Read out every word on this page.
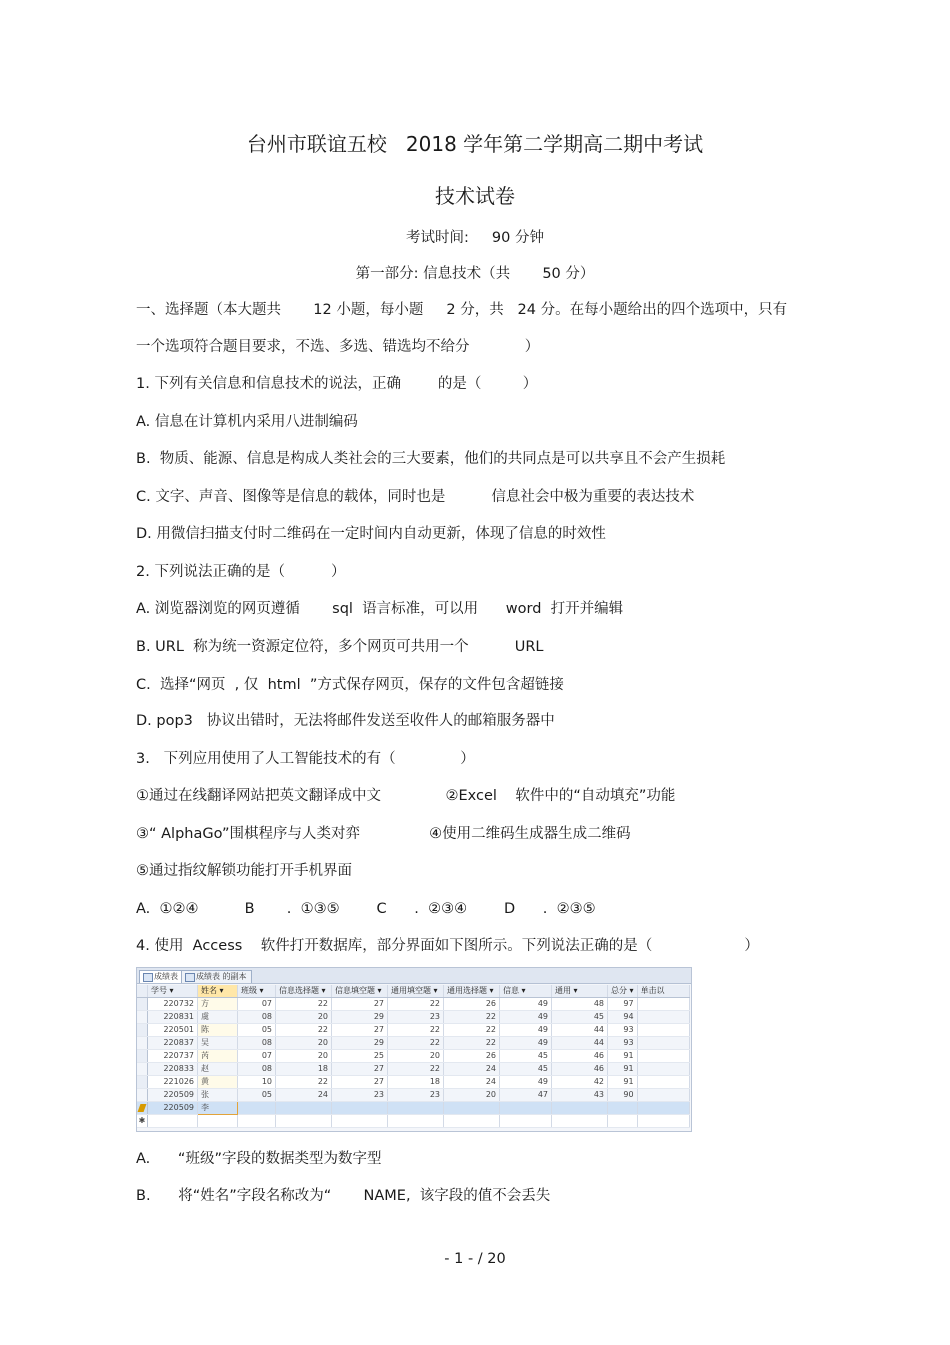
台州市联谊五校   2018 学年第二学期高二期中考试
技术试卷
考试时间:     90 分钟
第一部分: 信息技术（共       50 分）
一、选择题（本大题共       12 小题，每小题     2 分，共   24 分。在每小题给出的四个选项中，只有
一个选项符合题目要求，不选、多选、错选均不给分            ）
1. 下列有关信息和信息技术的说法，正确        的是（         ）
A. 信息在计算机内采用八进制编码
B.  物质、能源、信息是构成人类社会的三大要素，他们的共同点是可以共享且不会产生损耗
C. 文字、声音、图像等是信息的载体，同时也是          信息社会中极为重要的表达技术
D. 用微信扫描支付时二维码在一定时间内自动更新，体现了信息的时效性
2. 下列说法正确的是（          ）
A. 浏览器浏览的网页遵循       sql  语言标准，可以用      word  打开并编辑
B. URL  称为统一资源定位符，多个网页可共用一个          URL
C.  选择“网页  , 仅  html  ”方式保存网页，保存的文件包含超链接
D. pop3   协议出错时，无法将邮件发送至收件人的邮箱服务器中
3.   下列应用使用了人工智能技术的有（              ）
①通过在线翻译网站把英文翻译成中文              ②Excel    软件中的“自动填充”功能
③“ AlphaGo”围棋程序与人类对弈               ④使用二维码生成器生成二维码
⑤通过指纹解锁功能打开手机界面
A.  ①②④          B       .  ①③⑤        C      .  ②③④        D      .  ②③⑤
4. 使用  Access    软件打开数据库，部分界面如下图所示。下列说法正确的是（                    ）
成绩表	成绩表 的副本
	学号 ▾	姓名 ▾	班级 ▾	信息选择题 ▾	信息填空题 ▾	通用填空题 ▾	通用选择题 ▾	信息 ▾	通用 ▾	总分 ▾	单击以
	220732	方	07	22	27	22	26	49	48	97	
	220831	虞	08	20	29	23	22	49	45	94	
	220501	陈	05	22	27	22	22	49	44	93	
	220837	吴	08	20	29	22	22	49	44	93	
	220737	芮	07	20	25	20	26	45	46	91	
	220833	赵	08	18	27	22	24	45	46	91	
	221026	黄	10	22	27	18	24	49	42	91	
	220509	张	05	24	23	23	20	47	43	90	
	220509	李									
✱											
A.      “班级”字段的数据类型为数字型
B.      将“姓名”字段名称改为“       NAME,  该字段的值不会丢失
- 1 - / 20
